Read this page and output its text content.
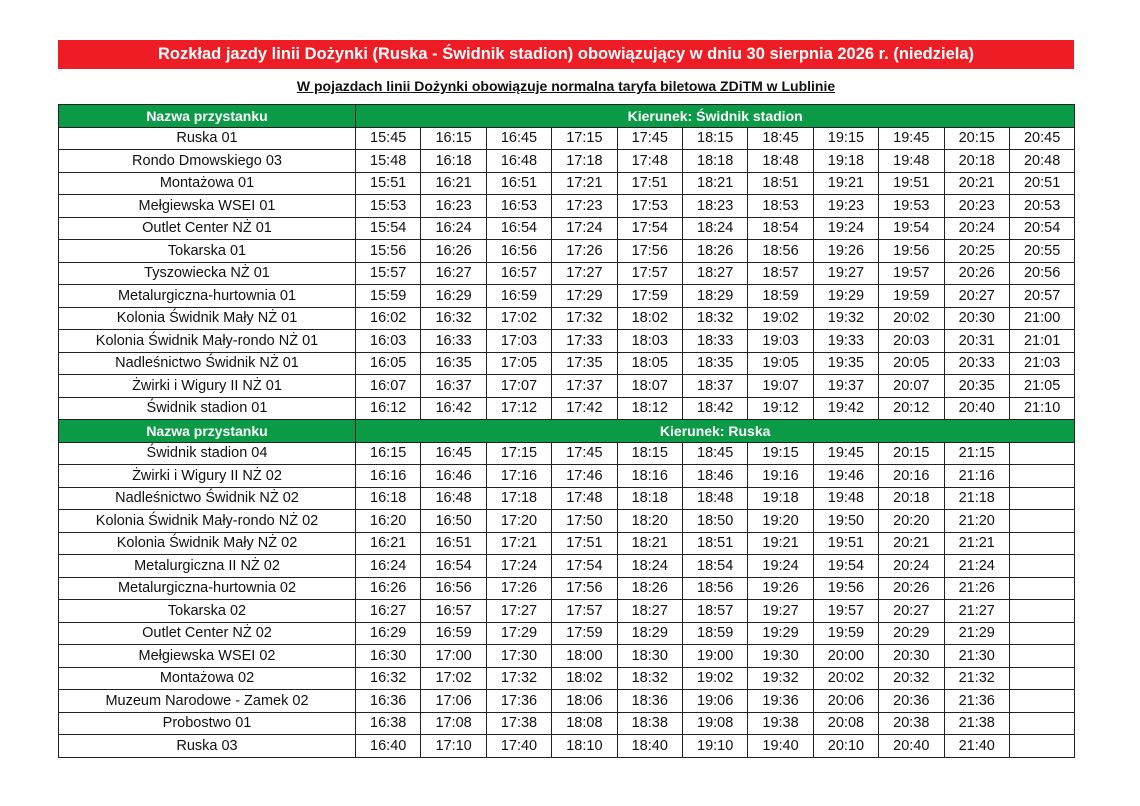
Rozkład jazdy linii Dożynki (Ruska - Świdnik stadion) obowiązujący w dniu 30 sierpnia 2026 r. (niedziela)
W pojazdach linii Dożynki obowiązuje normalna taryfa biletowa ZDiTM w Lublinie
Nazwa przystanku	Kierunek: Świdnik stadion										
Ruska 01	15:45	16:15	16:45	17:15	17:45	18:15	18:45	19:15	19:45	20:15	20:45
Rondo Dmowskiego 03	15:48	16:18	16:48	17:18	17:48	18:18	18:48	19:18	19:48	20:18	20:48
Montażowa 01	15:51	16:21	16:51	17:21	17:51	18:21	18:51	19:21	19:51	20:21	20:51
Mełgiewska WSEI 01	15:53	16:23	16:53	17:23	17:53	18:23	18:53	19:23	19:53	20:23	20:53
Outlet Center NŻ 01	15:54	16:24	16:54	17:24	17:54	18:24	18:54	19:24	19:54	20:24	20:54
Tokarska 01	15:56	16:26	16:56	17:26	17:56	18:26	18:56	19:26	19:56	20:25	20:55
Tyszowiecka NŻ 01	15:57	16:27	16:57	17:27	17:57	18:27	18:57	19:27	19:57	20:26	20:56
Metalurgiczna-hurtownia 01	15:59	16:29	16:59	17:29	17:59	18:29	18:59	19:29	19:59	20:27	20:57
Kolonia Świdnik Mały NŻ 01	16:02	16:32	17:02	17:32	18:02	18:32	19:02	19:32	20:02	20:30	21:00
Kolonia Świdnik Mały-rondo NŻ 01	16:03	16:33	17:03	17:33	18:03	18:33	19:03	19:33	20:03	20:31	21:01
Nadleśnictwo Świdnik NŻ 01	16:05	16:35	17:05	17:35	18:05	18:35	19:05	19:35	20:05	20:33	21:03
Żwirki i Wigury II NŻ 01	16:07	16:37	17:07	17:37	18:07	18:37	19:07	19:37	20:07	20:35	21:05
Świdnik stadion 01	16:12	16:42	17:12	17:42	18:12	18:42	19:12	19:42	20:12	20:40	21:10
Nazwa przystanku	Kierunek: Ruska										
Świdnik stadion 04	16:15	16:45	17:15	17:45	18:15	18:45	19:15	19:45	20:15	21:15	
Żwirki i Wigury II NŻ 02	16:16	16:46	17:16	17:46	18:16	18:46	19:16	19:46	20:16	21:16	
Nadleśnictwo Świdnik NŻ 02	16:18	16:48	17:18	17:48	18:18	18:48	19:18	19:48	20:18	21:18	
Kolonia Świdnik Mały-rondo NŻ 02	16:20	16:50	17:20	17:50	18:20	18:50	19:20	19:50	20:20	21:20	
Kolonia Świdnik Mały NŻ 02	16:21	16:51	17:21	17:51	18:21	18:51	19:21	19:51	20:21	21:21	
Metalurgiczna II NŻ 02	16:24	16:54	17:24	17:54	18:24	18:54	19:24	19:54	20:24	21:24	
Metalurgiczna-hurtownia 02	16:26	16:56	17:26	17:56	18:26	18:56	19:26	19:56	20:26	21:26	
Tokarska 02	16:27	16:57	17:27	17:57	18:27	18:57	19:27	19:57	20:27	21:27	
Outlet Center NŻ 02	16:29	16:59	17:29	17:59	18:29	18:59	19:29	19:59	20:29	21:29	
Mełgiewska WSEI 02	16:30	17:00	17:30	18:00	18:30	19:00	19:30	20:00	20:30	21:30	
Montażowa 02	16:32	17:02	17:32	18:02	18:32	19:02	19:32	20:02	20:32	21:32	
Muzeum Narodowe - Zamek 02	16:36	17:06	17:36	18:06	18:36	19:06	19:36	20:06	20:36	21:36	
Probostwo 01	16:38	17:08	17:38	18:08	18:38	19:08	19:38	20:08	20:38	21:38	
Ruska 03	16:40	17:10	17:40	18:10	18:40	19:10	19:40	20:10	20:40	21:40	
